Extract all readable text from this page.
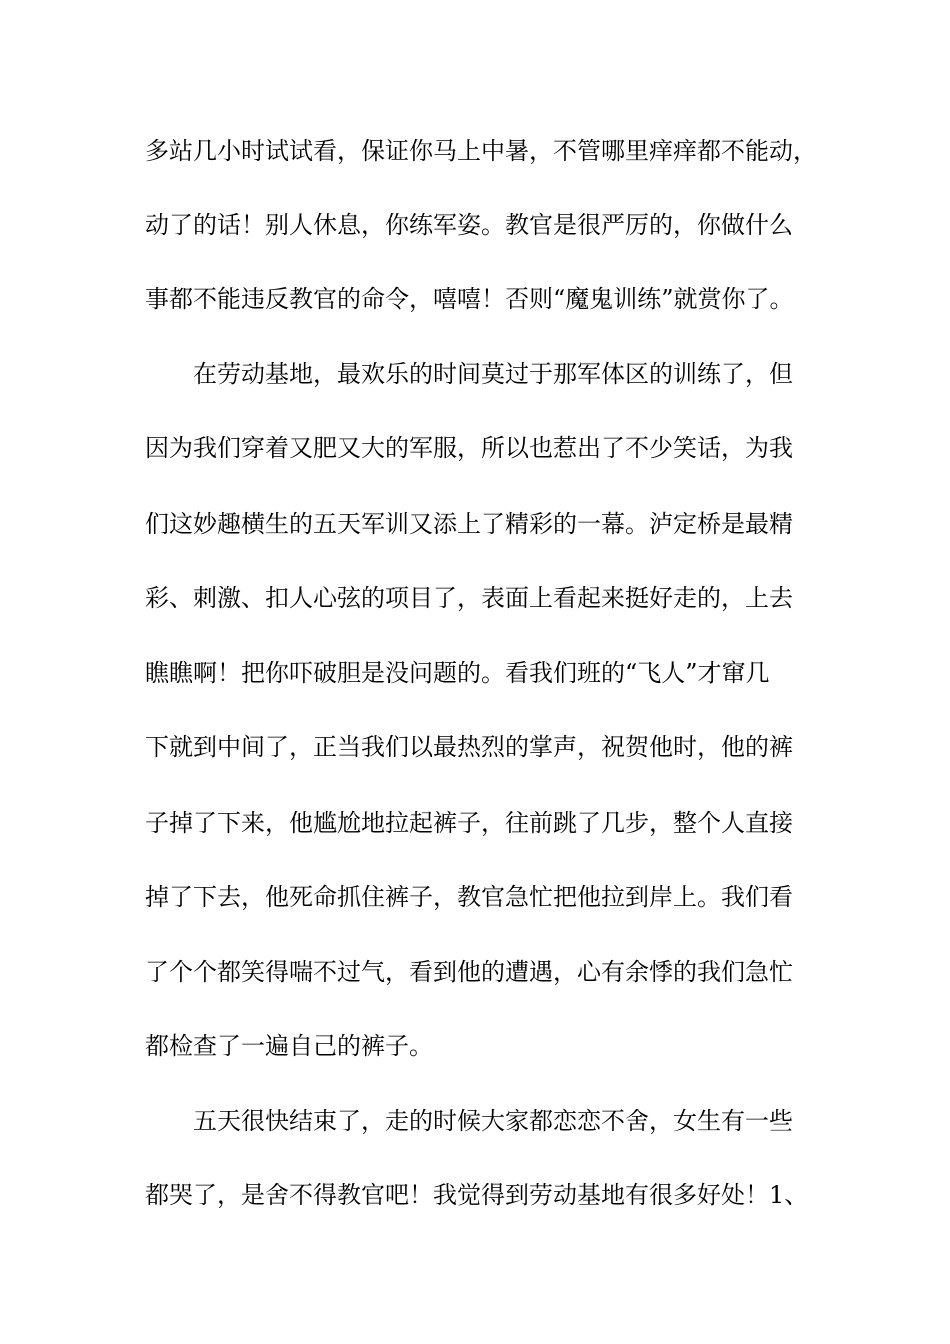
多站几小时试试看，保证你马上中暑，不管哪里痒痒都不能动，
动了的话！别人休息，你练军姿。教官是很严厉的，你做什么
事都不能违反教官的命令，嘻嘻！否则“魔鬼训练”就赏你了。
在劳动基地，最欢乐的时间莫过于那军体区的训练了，但
因为我们穿着又肥又大的军服，所以也惹出了不少笑话，为我
们这妙趣横生的五天军训又添上了精彩的一幕。泸定桥是最精
彩、刺激、扣人心弦的项目了，表面上看起来挺好走的，上去
瞧瞧啊！把你吓破胆是没问题的。看我们班的“飞人”才窜几
下就到中间了，正当我们以最热烈的掌声，祝贺他时，他的裤
子掉了下来，他尴尬地拉起裤子，往前跳了几步，整个人直接
掉了下去，他死命抓住裤子，教官急忙把他拉到岸上。我们看
了个个都笑得喘不过气，看到他的遭遇，心有余悸的我们急忙
都检查了一遍自己的裤子。
五天很快结束了，走的时候大家都恋恋不舍，女生有一些
都哭了，是舍不得教官吧！我觉得到劳动基地有很多好处！1、
